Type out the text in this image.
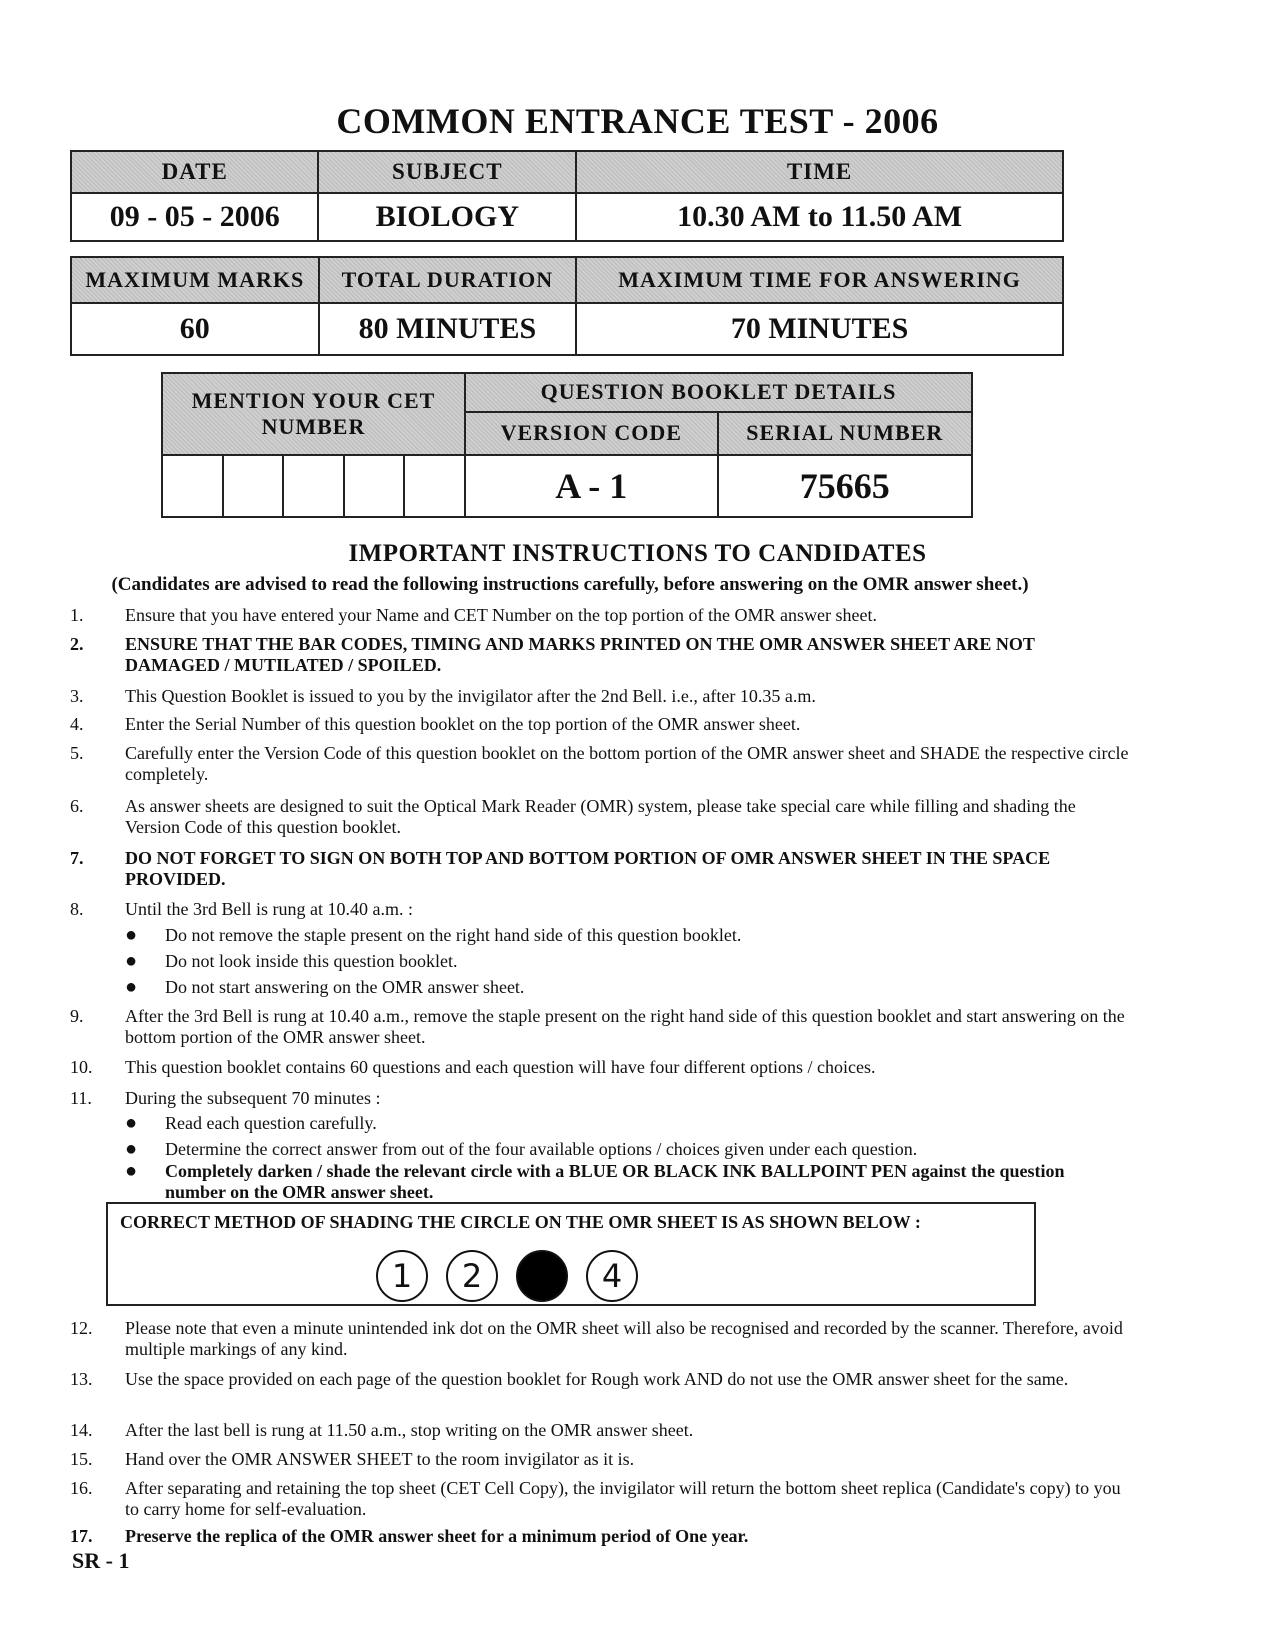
COMMON ENTRANCE TEST - 2006
DATE	SUBJECT	TIME
09 - 05 - 2006	BIOLOGY	10.30 AM to 11.50 AM
MAXIMUM MARKS	TOTAL DURATION	MAXIMUM TIME FOR ANSWERING
60	80 MINUTES	70 MINUTES
MENTION YOUR CET NUMBER					QUESTION BOOKLET DETAILS	
					VERSION CODE	SERIAL NUMBER
					A - 1	75665
IMPORTANT INSTRUCTIONS TO CANDIDATES
(Candidates are advised to read the following instructions carefully, before answering on the OMR answer sheet.)
1.	Ensure that you have entered your Name and CET Number on the top portion of the OMR answer sheet.
2.	ENSURE THAT THE BAR CODES, TIMING AND MARKS PRINTED ON THE OMR ANSWER SHEET ARE NOT DAMAGED / MUTILATED / SPOILED.
3.	This Question Booklet is issued to you by the invigilator after the 2nd Bell. i.e., after 10.35 a.m.
4.	Enter the Serial Number of this question booklet on the top portion of the OMR answer sheet.
5.	Carefully enter the Version Code of this question booklet on the bottom portion of the OMR answer sheet and SHADE the respective circle completely.
6.	As answer sheets are designed to suit the Optical Mark Reader (OMR) system, please take special care while filling and shading the Version Code of this question booklet.
7.	DO NOT FORGET TO SIGN ON BOTH TOP AND BOTTOM PORTION OF OMR ANSWER SHEET IN THE SPACE PROVIDED.
8.	Until the 3rd Bell is rung at 10.40 a.m. :
● Do not remove the staple present on the right hand side of this question booklet.
● Do not look inside this question booklet.
● Do not start answering on the OMR answer sheet.
9.	After the 3rd Bell is rung at 10.40 a.m., remove the staple present on the right hand side of this question booklet and start answering on the bottom portion of the OMR answer sheet.
10.	This question booklet contains 60 questions and each question will have four different options / choices.
11.	During the subsequent 70 minutes :
● Read each question carefully.
● Determine the correct answer from out of the four available options / choices given under each question.
● Completely darken / shade the relevant circle with a BLUE OR BLACK INK BALLPOINT PEN against the question number on the OMR answer sheet.
CORRECT METHOD OF SHADING THE CIRCLE ON THE OMR SHEET IS AS SHOWN BELOW :
1	2	3	4
12.	Please note that even a minute unintended ink dot on the OMR sheet will also be recognised and recorded by the scanner. Therefore, avoid multiple markings of any kind.
13.	Use the space provided on each page of the question booklet for Rough work AND do not use the OMR answer sheet for the same.
14.	After the last bell is rung at 11.50 a.m., stop writing on the OMR answer sheet.
15.	Hand over the OMR ANSWER SHEET to the room invigilator as it is.
16.	After separating and retaining the top sheet (CET Cell Copy), the invigilator will return the bottom sheet replica (Candidate's copy) to you to carry home for self-evaluation.
17.	Preserve the replica of the OMR answer sheet for a minimum period of One year.
SR - 1
